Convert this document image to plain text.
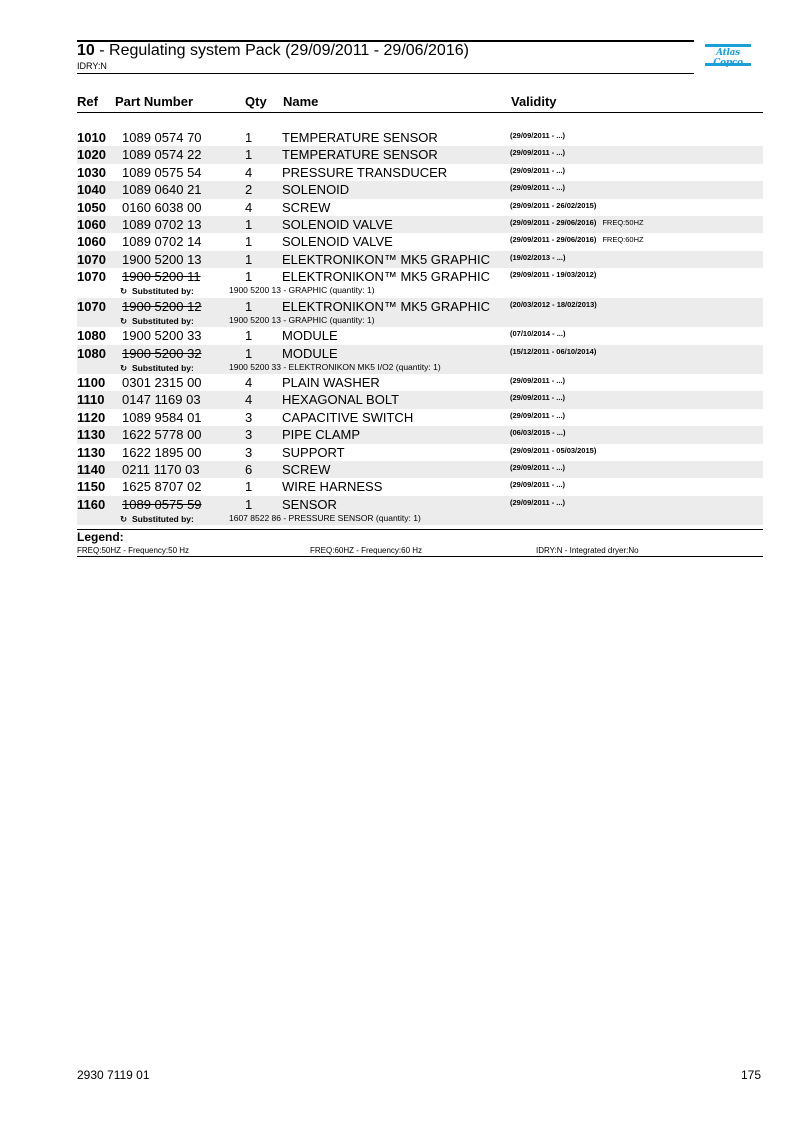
10 - Regulating system Pack (29/09/2011 - 29/06/2016)
IDRY:N
Atlas
Ref Part Number	Qty Name	Validity
1010 1089 0574 70	1 TEMPERATURE SENSOR	(29/09/2011 - ...)
1020 1089 0574 22	1 TEMPERATURE SENSOR	(29/09/2011 - ...)
1030 1089 0575 54	4 PRESSURE TRANSDUCER	(29/09/2011 - ...)
1040 1089 0640 21	2 SOLENOID	(29/09/2011 - ...)
1050 0160 6038 00	4 SCREW	(29/09/2011 - 26/02/2015)
1060 1089 0702 13	1 SOLENOID VALVE	(29/09/2011 - 29/06/2016) FREQ:50HZ
1060 1089 0702 14	1 SOLENOID VALVE	(29/09/2011 - 29/06/2016) FREQ:60HZ
1070 1900 5200 13	1 ELEKTRONIKON™ MK5 GRAPHIC	(19/02/2013 - ...)
1070 1900 5200 11	1 ELEKTRONIKON™ MK5 GRAPHIC	(29/09/2011 - 19/03/2012)
↻ Substituted by:	1900 5200 13 - GRAPHIC (quantity: 1)
1070 1900 5200 12	1 ELEKTRONIKON™ MK5 GRAPHIC	(20/03/2012 - 18/02/2013)
↻ Substituted by:	1900 5200 13 - GRAPHIC (quantity: 1)
1080 1900 5200 33	1 MODULE	(07/10/2014 - ...)
1080 1900 5200 32	1 MODULE	(15/12/2011 - 06/10/2014)
↻ Substituted by:	1900 5200 33 - ELEKTRONIKON MK5 I/O2 (quantity: 1)
1100 0301 2315 00	4 PLAIN WASHER	(29/09/2011 - ...)
1110 0147 1169 03	4 HEXAGONAL BOLT	(29/09/2011 - ...)
1120 1089 9584 01	3 CAPACITIVE SWITCH	(29/09/2011 - ...)
1130 1622 5778 00	3 PIPE CLAMP	(06/03/2015 - ...)
1130 1622 1895 00	3 SUPPORT	(29/09/2011 - 05/03/2015)
1140 0211 1170 03	6 SCREW	(29/09/2011 - ...)
1150 1625 8707 02	1 WIRE HARNESS	(29/09/2011 - ...)
1160 1089 0575 59	1 SENSOR	(29/09/2011 - ...)
↻ Substituted by:	1607 8522 86 - PRESSURE SENSOR (quantity: 1)
Legend:
FREQ:50HZ - Frequency:50 Hz	FREQ:60HZ - Frequency:60 Hz	IDRY:N - Integrated dryer:No
2930 7119 01	175
